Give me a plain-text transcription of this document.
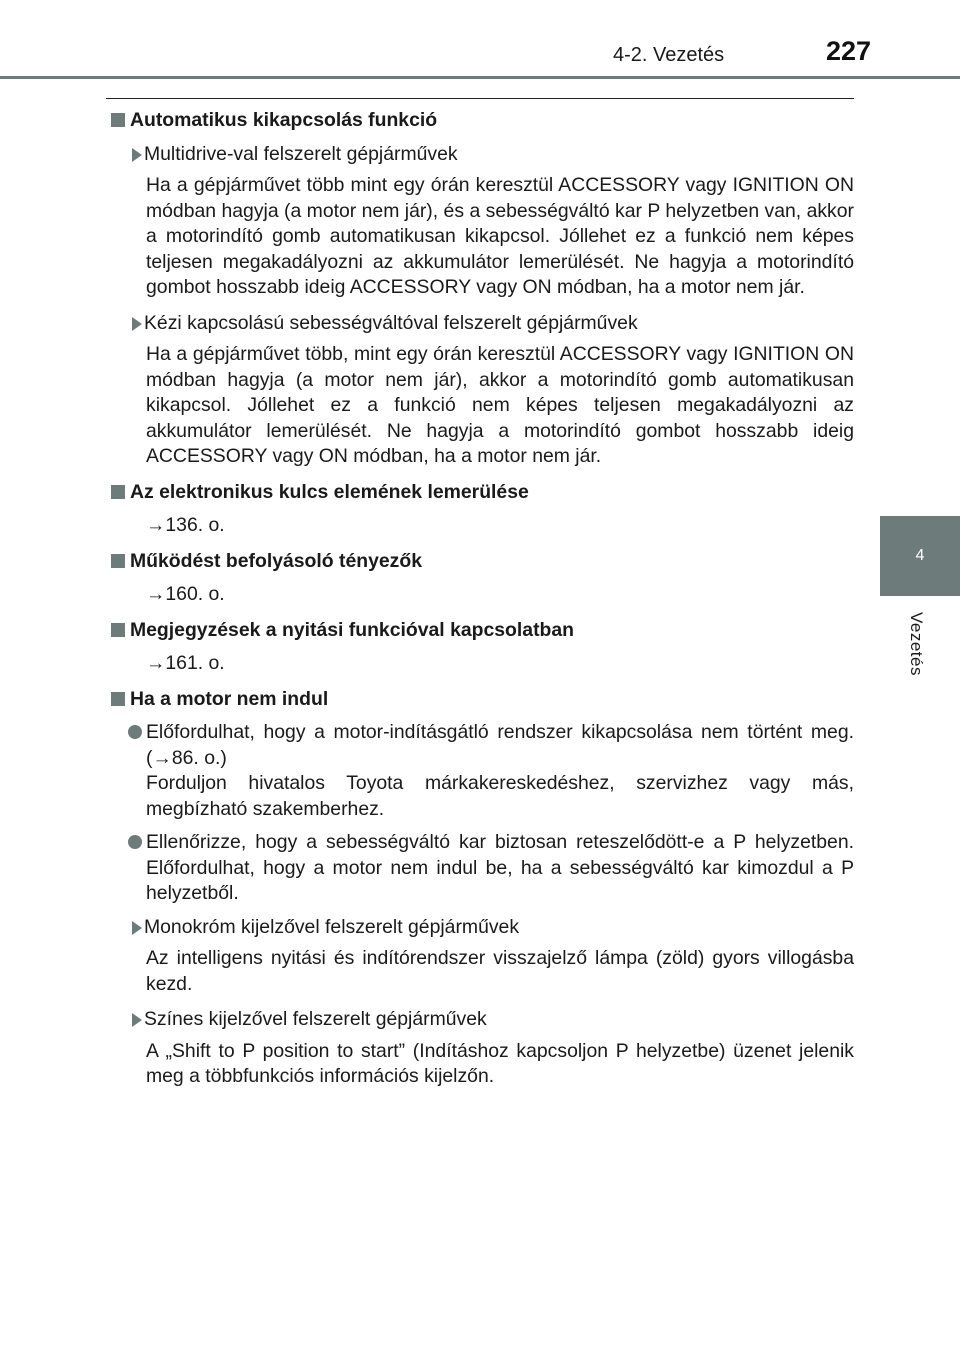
4-2. Vezetés	227
4
Vezetés
Automatikus kikapcsolás funkció
Multidrive-val felszerelt gépjárművek
Ha a gépjárművet több mint egy órán keresztül ACCESSORY vagy IGNITION ON módban hagyja (a motor nem jár), és a sebességváltó kar P helyzetben van, akkor a motorindító gomb automatikusan kikapcsol. Jóllehet ez a funkció nem képes teljesen megakadályozni az akkumulátor lemerülését. Ne hagyja a motorindító gombot hosszabb ideig ACCESSORY vagy ON módban, ha a motor nem jár.
Kézi kapcsolású sebességváltóval felszerelt gépjárművek
Ha a gépjárművet több, mint egy órán keresztül ACCESSORY vagy IGNITION ON módban hagyja (a motor nem jár), akkor a motorindító gomb automatikusan kikapcsol. Jóllehet ez a funkció nem képes teljesen megakadályozni az akkumulátor lemerülését. Ne hagyja a motorindító gombot hosszabb ideig ACCESSORY vagy ON módban, ha a motor nem jár.
Az elektronikus kulcs elemének lemerülése
→136. o.
Működést befolyásoló tényezők
→160. o.
Megjegyzések a nyitási funkcióval kapcsolatban
→161. o.
Ha a motor nem indul
Előfordulhat, hogy a motor-indításgátló rendszer kikapcsolása nem történt meg. (→86. o.)
Forduljon hivatalos Toyota márkakereskedéshez, szervizhez vagy más, megbízható szakemberhez.
Ellenőrizze, hogy a sebességváltó kar biztosan reteszelődött-e a P helyzetben. Előfordulhat, hogy a motor nem indul be, ha a sebességváltó kar kimozdul a P helyzetből.
Monokróm kijelzővel felszerelt gépjárművek
Az intelligens nyitási és indítórendszer visszajelző lámpa (zöld) gyors villogásba kezd.
Színes kijelzővel felszerelt gépjárművek
A „Shift to P position to start” (Indításhoz kapcsoljon P helyzetbe) üzenet jelenik meg a többfunkciós információs kijelzőn.
